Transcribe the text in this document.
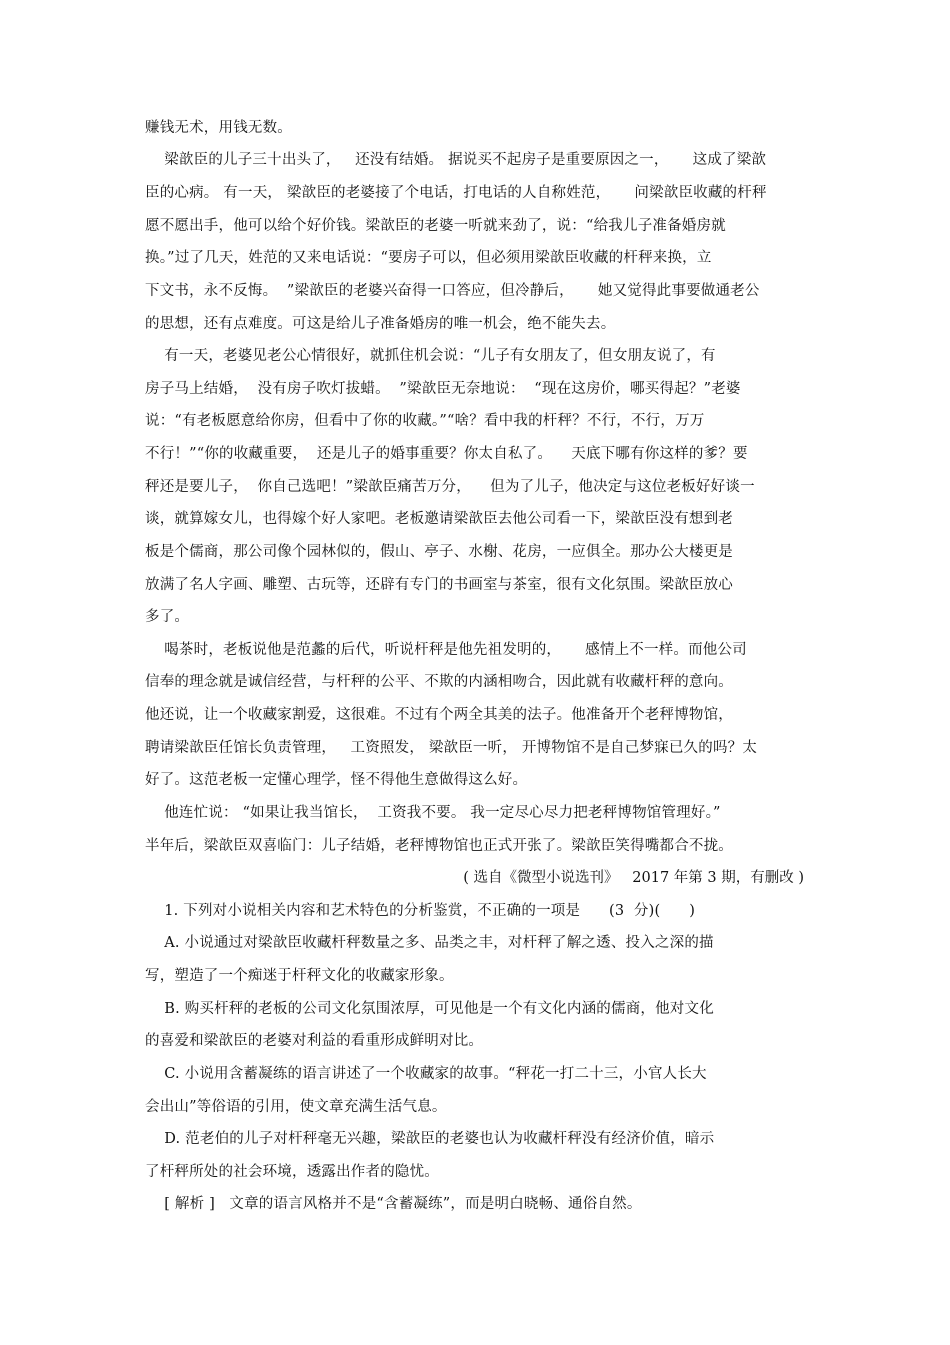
赚钱无术，用钱无数。
梁歆臣的儿子三十出头了，   还没有结婚。 据说买不起房子是重要原因之一，     这成了梁歆
臣的心病。 有一天， 梁歆臣的老婆接了个电话，打电话的人自称姓范，     问梁歆臣收藏的杆秤
愿不愿出手，他可以给个好价钱。梁歆臣的老婆一听就来劲了，说：“给我儿子准备婚房就
换。”过了几天，姓范的又来电话说：“要房子可以，但必须用梁歆臣收藏的杆秤来换，立
下文书，永不反悔。  ”梁歆臣的老婆兴奋得一口答应，但冷静后，     她又觉得此事要做通老公
的思想，还有点难度。可这是给儿子准备婚房的唯一机会，绝不能失去。
有一天，老婆见老公心情很好，就抓住机会说：“儿子有女朋友了，但女朋友说了，有
房子马上结婚，  没有房子吹灯拔蜡。  ”梁歆臣无奈地说：  “现在这房价，哪买得起？”老婆
说：“有老板愿意给你房，但看中了你的收藏。”“啥？看中我的杆秤？不行，不行，万万
不行！”“你的收藏重要，  还是儿子的婚事重要？你太自私了。    天底下哪有你这样的爹？要
秤还是要儿子，  你自己选吧！”梁歆臣痛苦万分，    但为了儿子，他决定与这位老板好好谈一
谈，就算嫁女儿，也得嫁个好人家吧。老板邀请梁歆臣去他公司看一下，梁歆臣没有想到老
板是个儒商，那公司像个园林似的，假山、亭子、水榭、花房，一应俱全。那办公大楼更是
放满了名人字画、雕塑、古玩等，还辟有专门的书画室与茶室，很有文化氛围。梁歆臣放心
多了。
喝茶时，老板说他是范蠡的后代，听说杆秤是他先祖发明的，     感情上不一样。而他公司
信奉的理念就是诚信经营，与杆秤的公平、不欺的内涵相吻合，因此就有收藏杆秤的意向。
他还说，让一个收藏家割爱，这很难。不过有个两全其美的法子。他准备开个老秤博物馆，
聘请梁歆臣任馆长负责管理，   工资照发， 梁歆臣一听， 开博物馆不是自己梦寐已久的吗？太
好了。这范老板一定懂心理学，怪不得他生意做得这么好。
他连忙说： “如果让我当馆长，  工资我不要。 我一定尽心尽力把老秤博物馆管理好。”
半年后，梁歆臣双喜临门：儿子结婚，老秤博物馆也正式开张了。梁歆臣笑得嘴都合不拢。
( 选自《微型小说选刊》   2017 年第 3 期，有删改 )
1. 下列对小说相关内容和艺术特色的分析鉴赏，不正确的一项是      (3  分)(      )
A. 小说通过对梁歆臣收藏杆秤数量之多、品类之丰，对杆秤了解之透、投入之深的描
写，塑造了一个痴迷于杆秤文化的收藏家形象。
B. 购买杆秤的老板的公司文化氛围浓厚，可见他是一个有文化内涵的儒商，他对文化
的喜爱和梁歆臣的老婆对利益的看重形成鲜明对比。
C. 小说用含蓄凝练的语言讲述了一个收藏家的故事。“秤花一打二十三，小官人长大
会出山”等俗语的引用，使文章充满生活气息。
D. 范老伯的儿子对杆秤毫无兴趣，梁歆臣的老婆也认为收藏杆秤没有经济价值，暗示
了杆秤所处的社会环境，透露出作者的隐忧。
[ 解析 ]   文章的语言风格并不是“含蓄凝练”，而是明白晓畅、通俗自然。
